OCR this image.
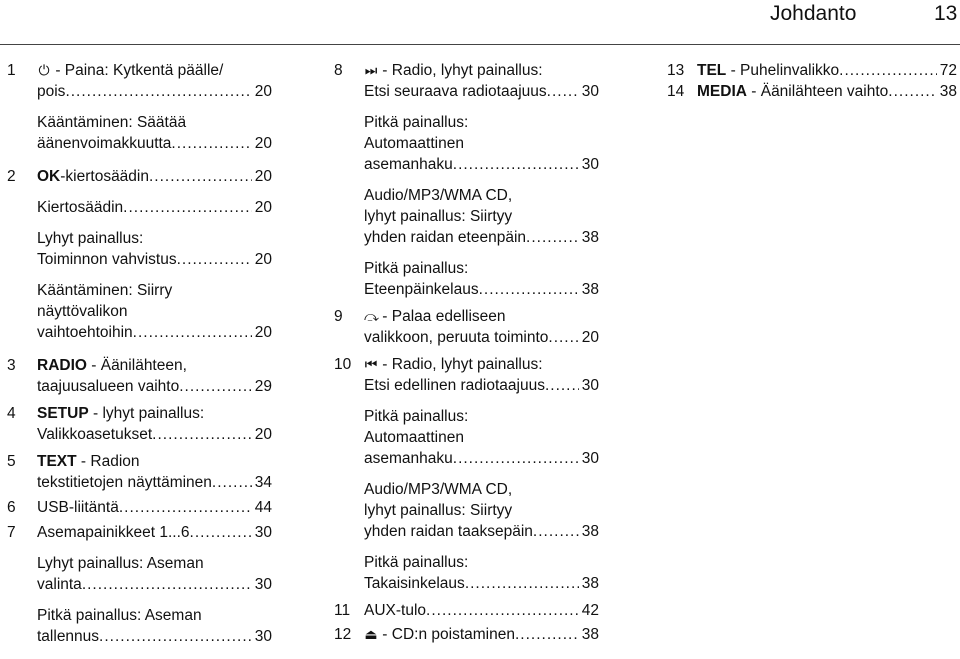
Johdanto	13
1 ⏻ - Paina: Kytkentä päälle/
pois .....	20
Kääntäminen: Säätää
äänenvoimakkuutta .....	20
2 OK-kiertosäädin .....	20
Kiertosäädin .....	20
Lyhyt painallus:
Toiminnon vahvistus .....	20
Kääntäminen: Siirry
näyttövalikon
vaihtoehtoihin .....	20
3 RADIO - Äänilähteen,
taajuusalueen vaihto .....	29
4 SETUP - lyhyt painallus:
Valikkoasetukset .....	20
5 TEXT - Radion
tekstitietojen näyttäminen .....	34
6 USB-liitäntä .....	44
7 Asemapainikkeet 1...6 .....	30
Lyhyt painallus: Aseman
valinta .....	30
Pitkä painallus: Aseman
tallennus .....	30
8 ⏭ - Radio, lyhyt painallus:
Etsi seuraava radiotaajuus ..... 30
Pitkä painallus:
Automaattinen
asemanhaku .....	30
Audio/MP3/WMA CD,
lyhyt painallus: Siirtyy
yhden raidan eteenpäin .....	38
Pitkä painallus:
Eteenpäinkelaus .....	38
9 ⤼ - Palaa edelliseen
valikkoon, peruuta toiminto ..... 20
10 ⏮ - Radio, lyhyt painallus:
Etsi edellinen radiotaajuus ..... 30
Pitkä painallus:
Automaattinen
asemanhaku .....	30
Audio/MP3/WMA CD,
lyhyt painallus: Siirtyy
yhden raidan taaksepäin .....	38
Pitkä painallus:
Takaisinkelaus .....	38
11 AUX-tulo .....	42
12 ⏏ - CD:n poistaminen .....	38
13 TEL - Puhelinvalikko .....	72
14 MEDIA - Äänilähteen vaihto .....	38
